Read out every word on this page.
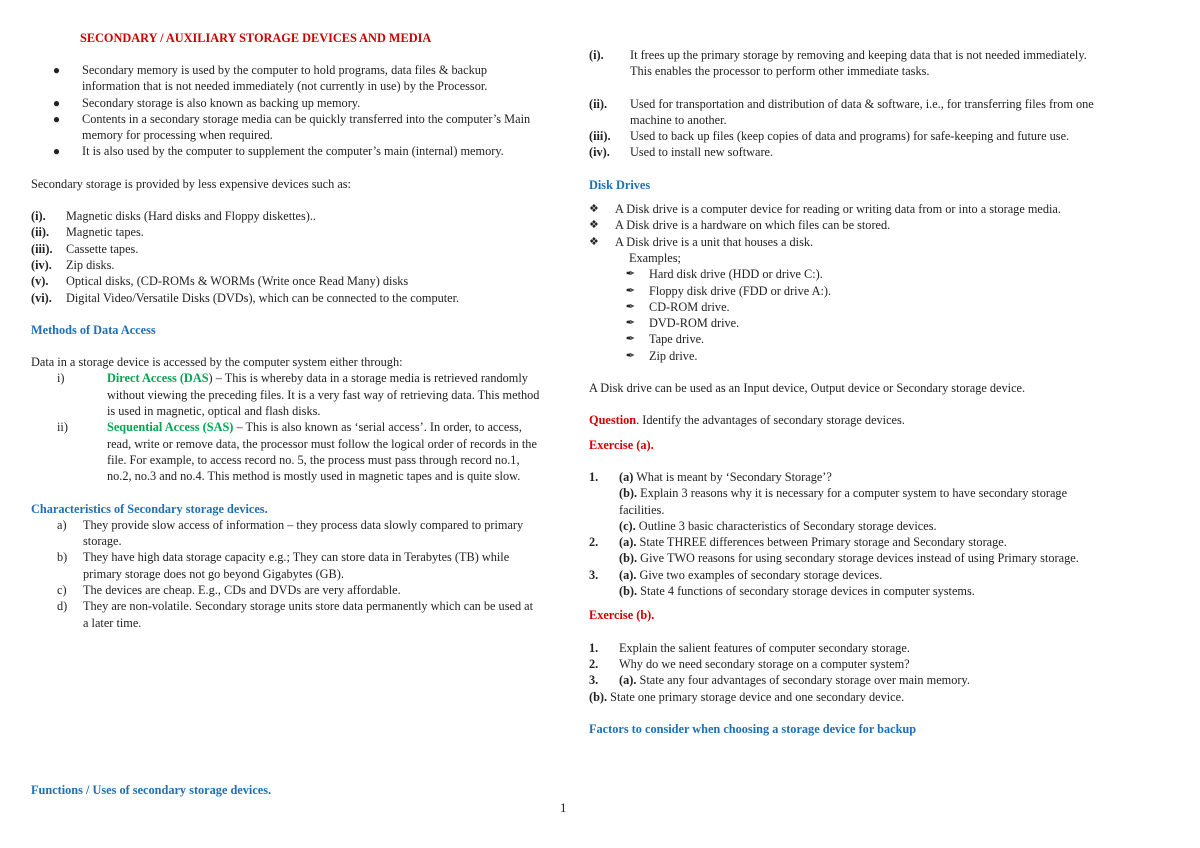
SECONDARY / AUXILIARY STORAGE DEVICES AND MEDIA
●	Secondary memory is used by the computer to hold programs, data files & backup information that is not needed immediately (not currently in use) by the Processor.
●	Secondary storage is also known as backing up memory.
●	Contents in a secondary storage media can be quickly transferred into the computer’s Main memory for processing when required.
●	It is also used by the computer to supplement the computer’s main (internal) memory.

Secondary storage is provided by less expensive devices such as:

(i).	Magnetic disks (Hard disks and Floppy diskettes)..
(ii).	Magnetic tapes.
(iii).	Cassette tapes.
(iv).	Zip disks.
(v).	Optical disks, (CD-ROMs & WORMs (Write once Read Many) disks
(vi).	Digital Video/Versatile Disks (DVDs), which can be connected to the computer.

Methods of Data Access

Data in a storage device is accessed by the computer system either through:

i)	Direct Access (DAS) – This is whereby data in a storage media is retrieved randomly without viewing the preceding files. It is a very fast way of retrieving data. This method is used in magnetic, optical and flash disks.
ii)	Sequential Access (SAS) – This is also known as ‘serial access’. In order, to access, read, write or remove data, the processor must follow the logical order of records in the file. For example, to access record no. 5, the process must pass through record no.1, no.2, no.3 and no.4. This method is mostly used in magnetic tapes and is quite slow.

Characteristics of Secondary storage devices.

a)	They provide slow access of information – they process data slowly compared to primary storage.
b)	They have high data storage capacity e.g.; They can store data in Terabytes (TB) while primary storage does not go beyond Gigabytes (GB).
c)	The devices are cheap. E.g., CDs and DVDs are very affordable.
d)	They are non-volatile. Secondary storage units store data permanently which can be used at a later time.

Functions / Uses of secondary storage devices.

(i).	It frees up the primary storage by removing and keeping data that is not needed immediately. This enables the processor to perform other immediate tasks.
(ii).	Used for transportation and distribution of data & software, i.e., for transferring files from one machine to another.
(iii).	Used to back up files (keep copies of data and programs) for safe-keeping and future use.
(iv).	Used to install new software.

Disk Drives

❖	A Disk drive is a computer device for reading or writing data from or into a storage media.
❖	A Disk drive is a hardware on which files can be stored.
❖	A Disk drive is a unit that houses a disk.

Examples;

✒	Hard disk drive (HDD or drive C:).
✒	Floppy disk drive (FDD or drive A:).
✒	CD-ROM drive.
✒	DVD-ROM drive.
✒	Tape drive.
✒	Zip drive.

A Disk drive can be used as an Input device, Output device or Secondary storage device.

Question. Identify the advantages of secondary storage devices.

Exercise (a).

1.	(a) What is meant by ‘Secondary Storage’?
(b). Explain 3 reasons why it is necessary for a computer system to have secondary storage facilities.
(c). Outline 3 basic characteristics of Secondary storage devices.
2.	(a). State THREE differences between Primary storage and Secondary storage.
(b). Give TWO reasons for using secondary storage devices instead of using Primary storage.
3.	(a). Give two examples of secondary storage devices.
(b). State 4 functions of secondary storage devices in computer systems.

Exercise (b).

1.	Explain the salient features of computer secondary storage.
2.	Why do we need secondary storage on a computer system?
3.	(a). State any four advantages of secondary storage over main memory.

(b). State one primary storage device and one secondary device.

Factors to consider when choosing a storage device for backup

1
